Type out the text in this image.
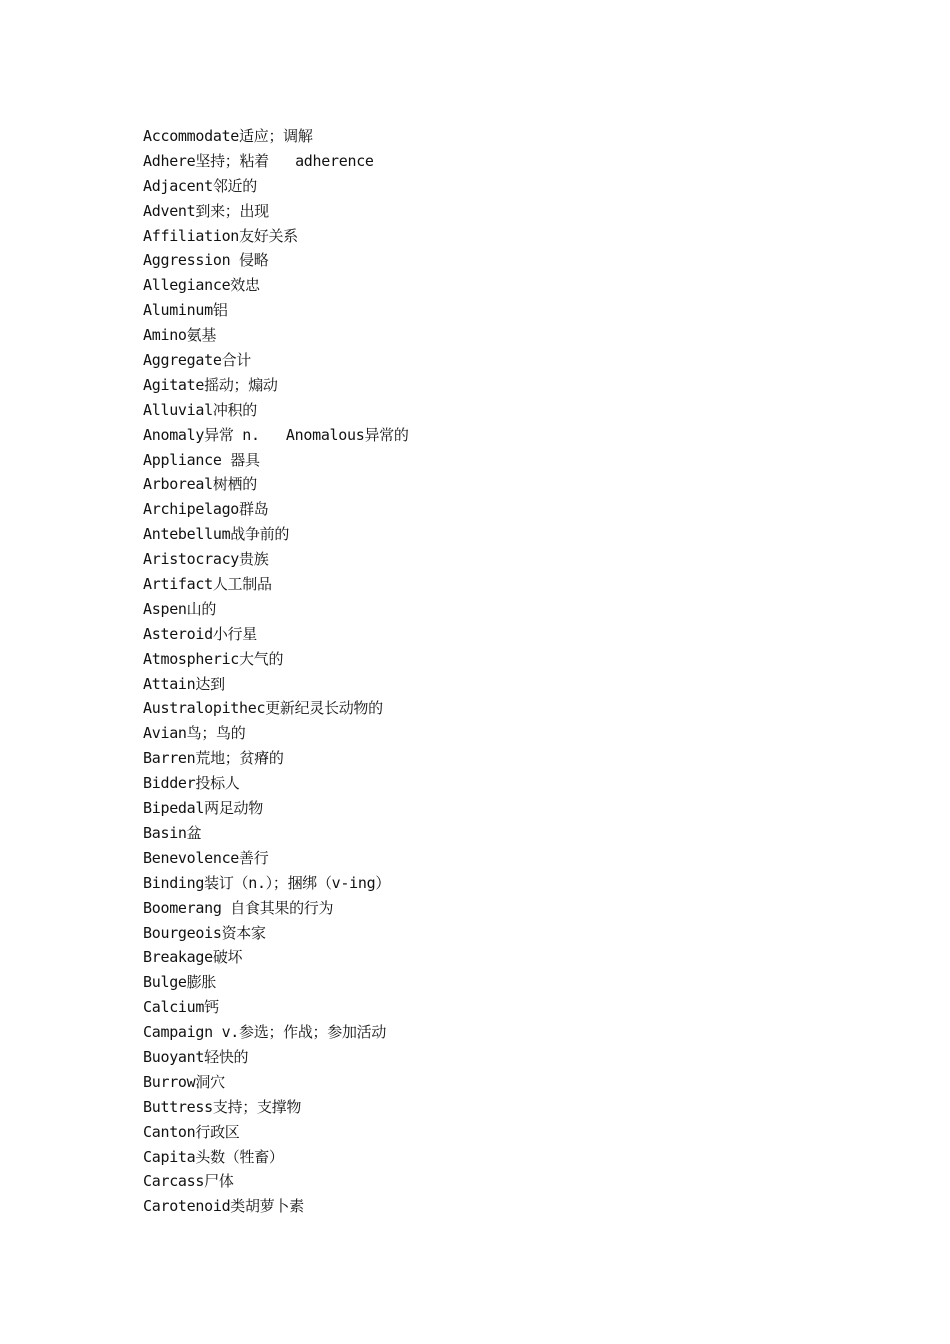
Accommodate适应；调解
Adhere坚持；粘着   adherence
Adjacent邻近的
Advent到来；出现
Affiliation友好关系
Aggression 侵略
Allegiance效忠
Aluminum铝
Amino氨基
Aggregate合计
Agitate摇动；煽动
Alluvial冲积的
Anomaly异常 n.   Anomalous异常的
Appliance 器具
Arboreal树栖的
Archipelago群岛
Antebellum战争前的
Aristocracy贵族
Artifact人工制品
Aspen山的
Asteroid小行星
Atmospheric大气的
Attain达到
Australopithec更新纪灵长动物的
Avian鸟；鸟的
Barren荒地；贫瘠的
Bidder投标人
Bipedal两足动物
Basin盆
Benevolence善行
Binding装订（n.）；捆绑（v-ing）
Boomerang 自食其果的行为
Bourgeois资本家
Breakage破坏
Bulge膨胀
Calcium钙
Campaign v.参选；作战；参加活动
Buoyant轻快的
Burrow洞穴
Buttress支持；支撑物
Canton行政区
Capita头数（牲畜）
Carcass尸体
Carotenoid类胡萝卜素
